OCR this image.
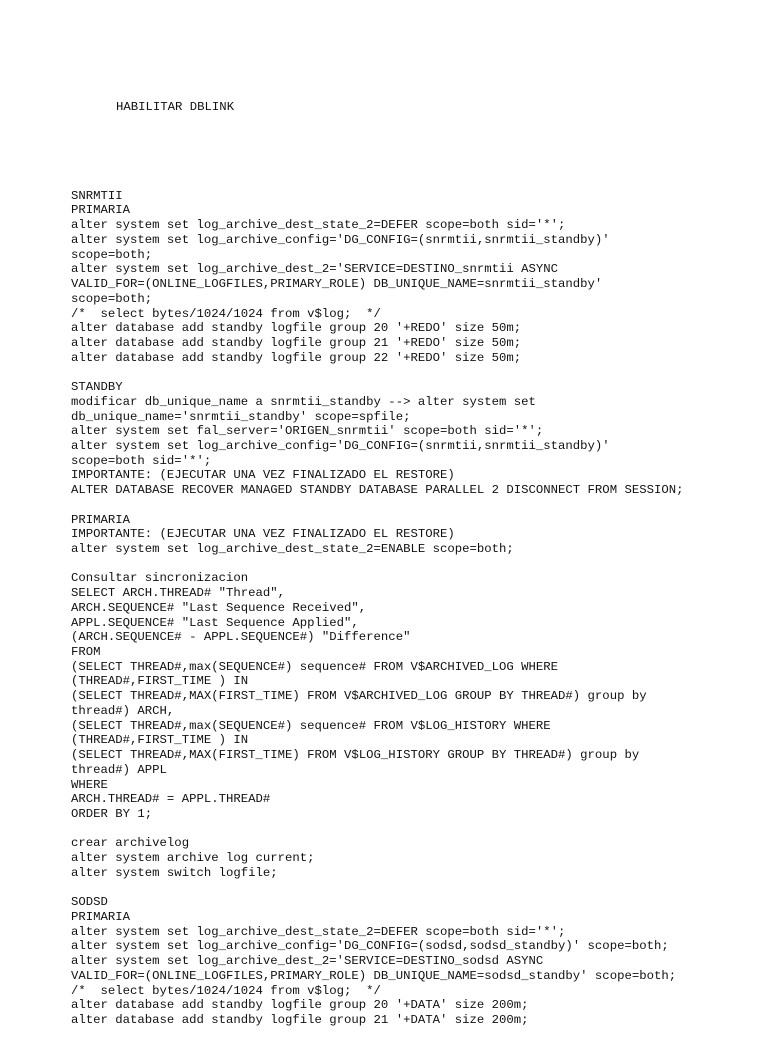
HABILITAR DBLINK

SNRMTII
PRIMARIA
alter system set log_archive_dest_state_2=DEFER scope=both sid='*';
alter system set log_archive_config='DG_CONFIG=(snrmtii,snrmtii_standby)'
scope=both;
alter system set log_archive_dest_2='SERVICE=DESTINO_snrmtii ASYNC
VALID_FOR=(ONLINE_LOGFILES,PRIMARY_ROLE) DB_UNIQUE_NAME=snrmtii_standby'
scope=both;
/*  select bytes/1024/1024 from v$log;  */
alter database add standby logfile group 20 '+REDO' size 50m;
alter database add standby logfile group 21 '+REDO' size 50m;
alter database add standby logfile group 22 '+REDO' size 50m;
STANDBY
modificar db_unique_name a snrmtii_standby --> alter system set
db_unique_name='snrmtii_standby' scope=spfile;
alter system set fal_server='ORIGEN_snrmtii' scope=both sid='*';
alter system set log_archive_config='DG_CONFIG=(snrmtii,snrmtii_standby)'
scope=both sid='*';
IMPORTANTE: (EJECUTAR UNA VEZ FINALIZADO EL RESTORE)
ALTER DATABASE RECOVER MANAGED STANDBY DATABASE PARALLEL 2 DISCONNECT FROM SESSION;
PRIMARIA
IMPORTANTE: (EJECUTAR UNA VEZ FINALIZADO EL RESTORE)
alter system set log_archive_dest_state_2=ENABLE scope=both;
Consultar sincronizacion
SELECT ARCH.THREAD# "Thread",
ARCH.SEQUENCE# "Last Sequence Received",
APPL.SEQUENCE# "Last Sequence Applied",
(ARCH.SEQUENCE# - APPL.SEQUENCE#) "Difference"
FROM
(SELECT THREAD#,max(SEQUENCE#) sequence# FROM V$ARCHIVED_LOG WHERE
(THREAD#,FIRST_TIME ) IN
(SELECT THREAD#,MAX(FIRST_TIME) FROM V$ARCHIVED_LOG GROUP BY THREAD#) group by
thread#) ARCH,
(SELECT THREAD#,max(SEQUENCE#) sequence# FROM V$LOG_HISTORY WHERE
(THREAD#,FIRST_TIME ) IN
(SELECT THREAD#,MAX(FIRST_TIME) FROM V$LOG_HISTORY GROUP BY THREAD#) group by
thread#) APPL
WHERE
ARCH.THREAD# = APPL.THREAD#
ORDER BY 1;
crear archivelog
alter system archive log current;
alter system switch logfile;
SODSD
PRIMARIA
alter system set log_archive_dest_state_2=DEFER scope=both sid='*';
alter system set log_archive_config='DG_CONFIG=(sodsd,sodsd_standby)' scope=both;
alter system set log_archive_dest_2='SERVICE=DESTINO_sodsd ASYNC
VALID_FOR=(ONLINE_LOGFILES,PRIMARY_ROLE) DB_UNIQUE_NAME=sodsd_standby' scope=both;
/*  select bytes/1024/1024 from v$log;  */
alter database add standby logfile group 20 '+DATA' size 200m;
alter database add standby logfile group 21 '+DATA' size 200m;
